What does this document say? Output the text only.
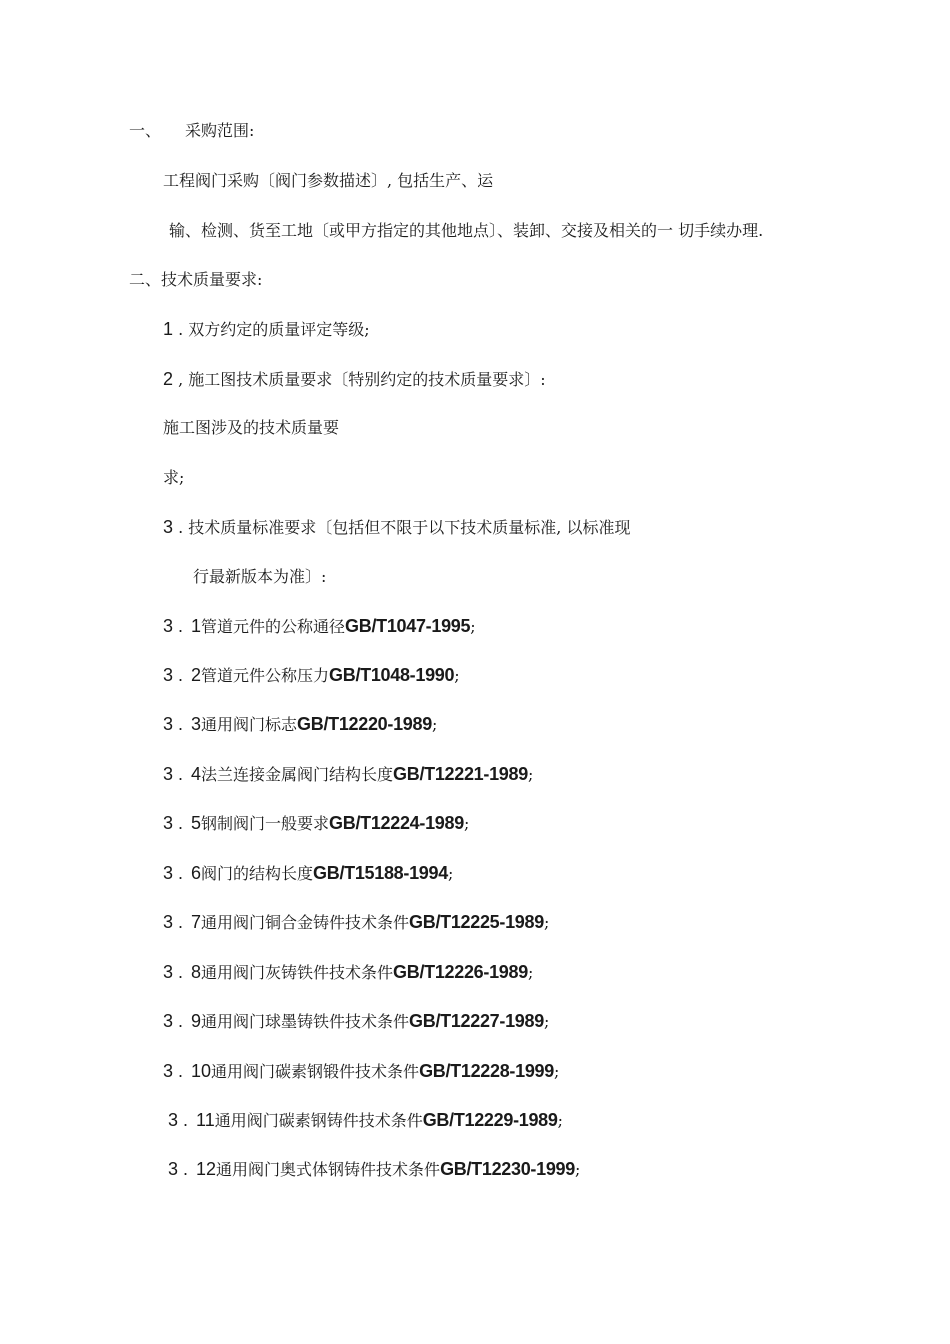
一、 采购范围:
工程阀门采购〔阀门参数描述〕, 包括生产、运
输、检测、货至工地〔或甲方指定的其他地点〕、装卸、交接及相关的一 切手续办理.
二、技术质量要求:
1 . 双方约定的质量评定等级;
2 , 施工图技术质量要求〔特别约定的技术质量要求〕:
施工图涉及的技术质量要
求;
3 . 技术质量标准要求〔包括但不限于以下技术质量标准, 以标准现
行最新版本为准〕:
3 . 1管道元件的公称通径GB/T1047-1995;
3 . 2管道元件公称压力GB/T1048-1990;
3 . 3通用阀门标志GB/T12220-1989;
3 . 4法兰连接金属阀门结构长度GB/T12221-1989;
3 . 5钢制阀门一般要求GB/T12224-1989;
3 . 6阀门的结构长度GB/T15188-1994;
3 . 7通用阀门铜合金铸件技术条件GB/T12225-1989;
3 . 8通用阀门灰铸铁件技术条件GB/T12226-1989;
3 . 9通用阀门球墨铸铁件技术条件GB/T12227-1989;
3 . 10通用阀门碳素钢锻件技术条件GB/T12228-1999;
3 . 11通用阀门碳素钢铸件技术条件GB/T12229-1989;
3 . 12通用阀门奥式体钢铸件技术条件GB/T12230-1999;
